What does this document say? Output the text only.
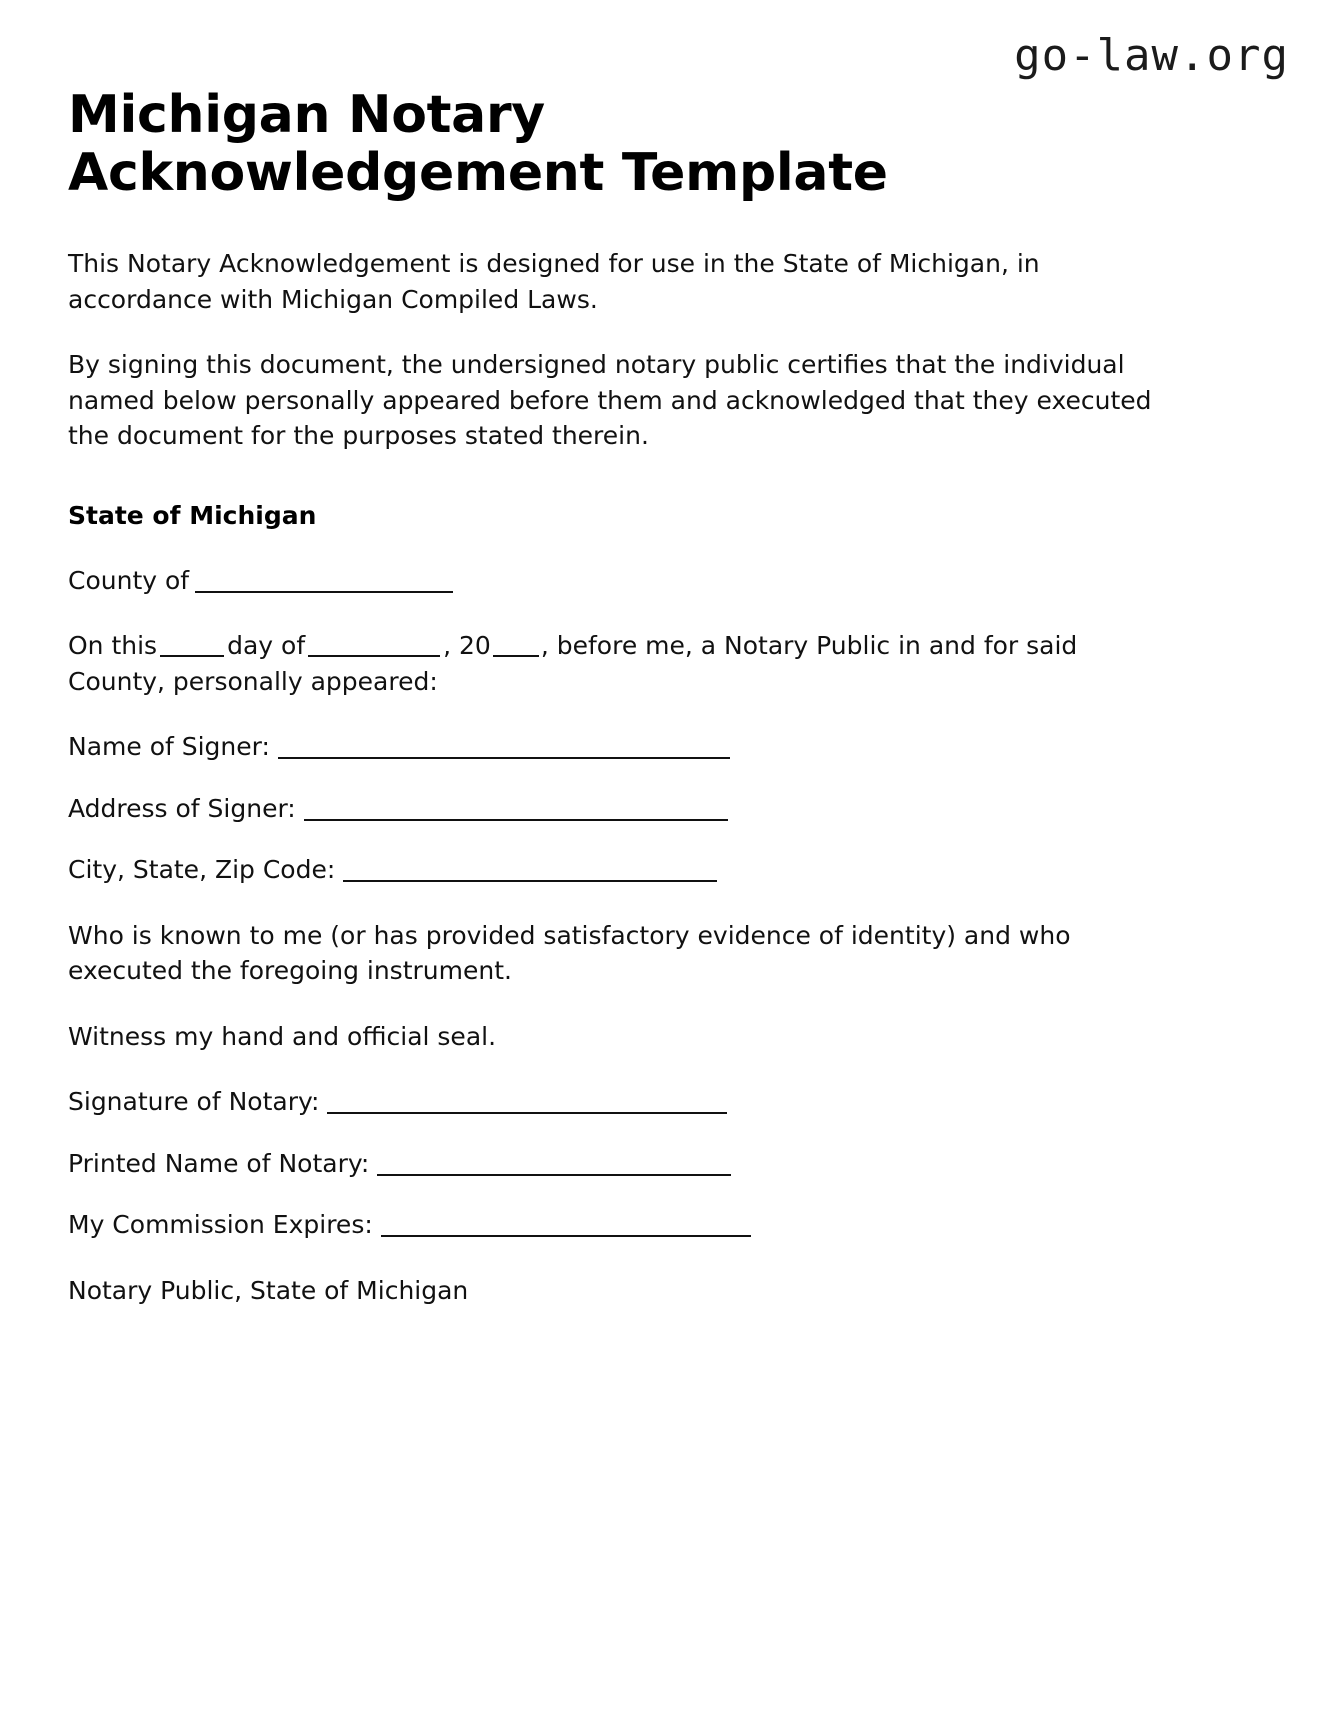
go-law.org
Michigan Notary Acknowledgement Template

This Notary Acknowledgement is designed for use in the State of Michigan, in accordance with Michigan Compiled Laws.

By signing this document, the undersigned notary public certifies that the individual named below personally appeared before them and acknowledged that they executed the document for the purposes stated therein.

State of Michigan
County of
On this	day of	, 20 , before me, a Notary Public in and for said County, personally appeared:
Name of Signer:
Address of Signer:
City, State, Zip Code:

Who is known to me (or has provided satisfactory evidence of identity) and who executed the foregoing instrument.

Witness my hand and official seal.

Signature of Notary:
Printed Name of Notary:
My Commission Expires:

Notary Public, State of Michigan
